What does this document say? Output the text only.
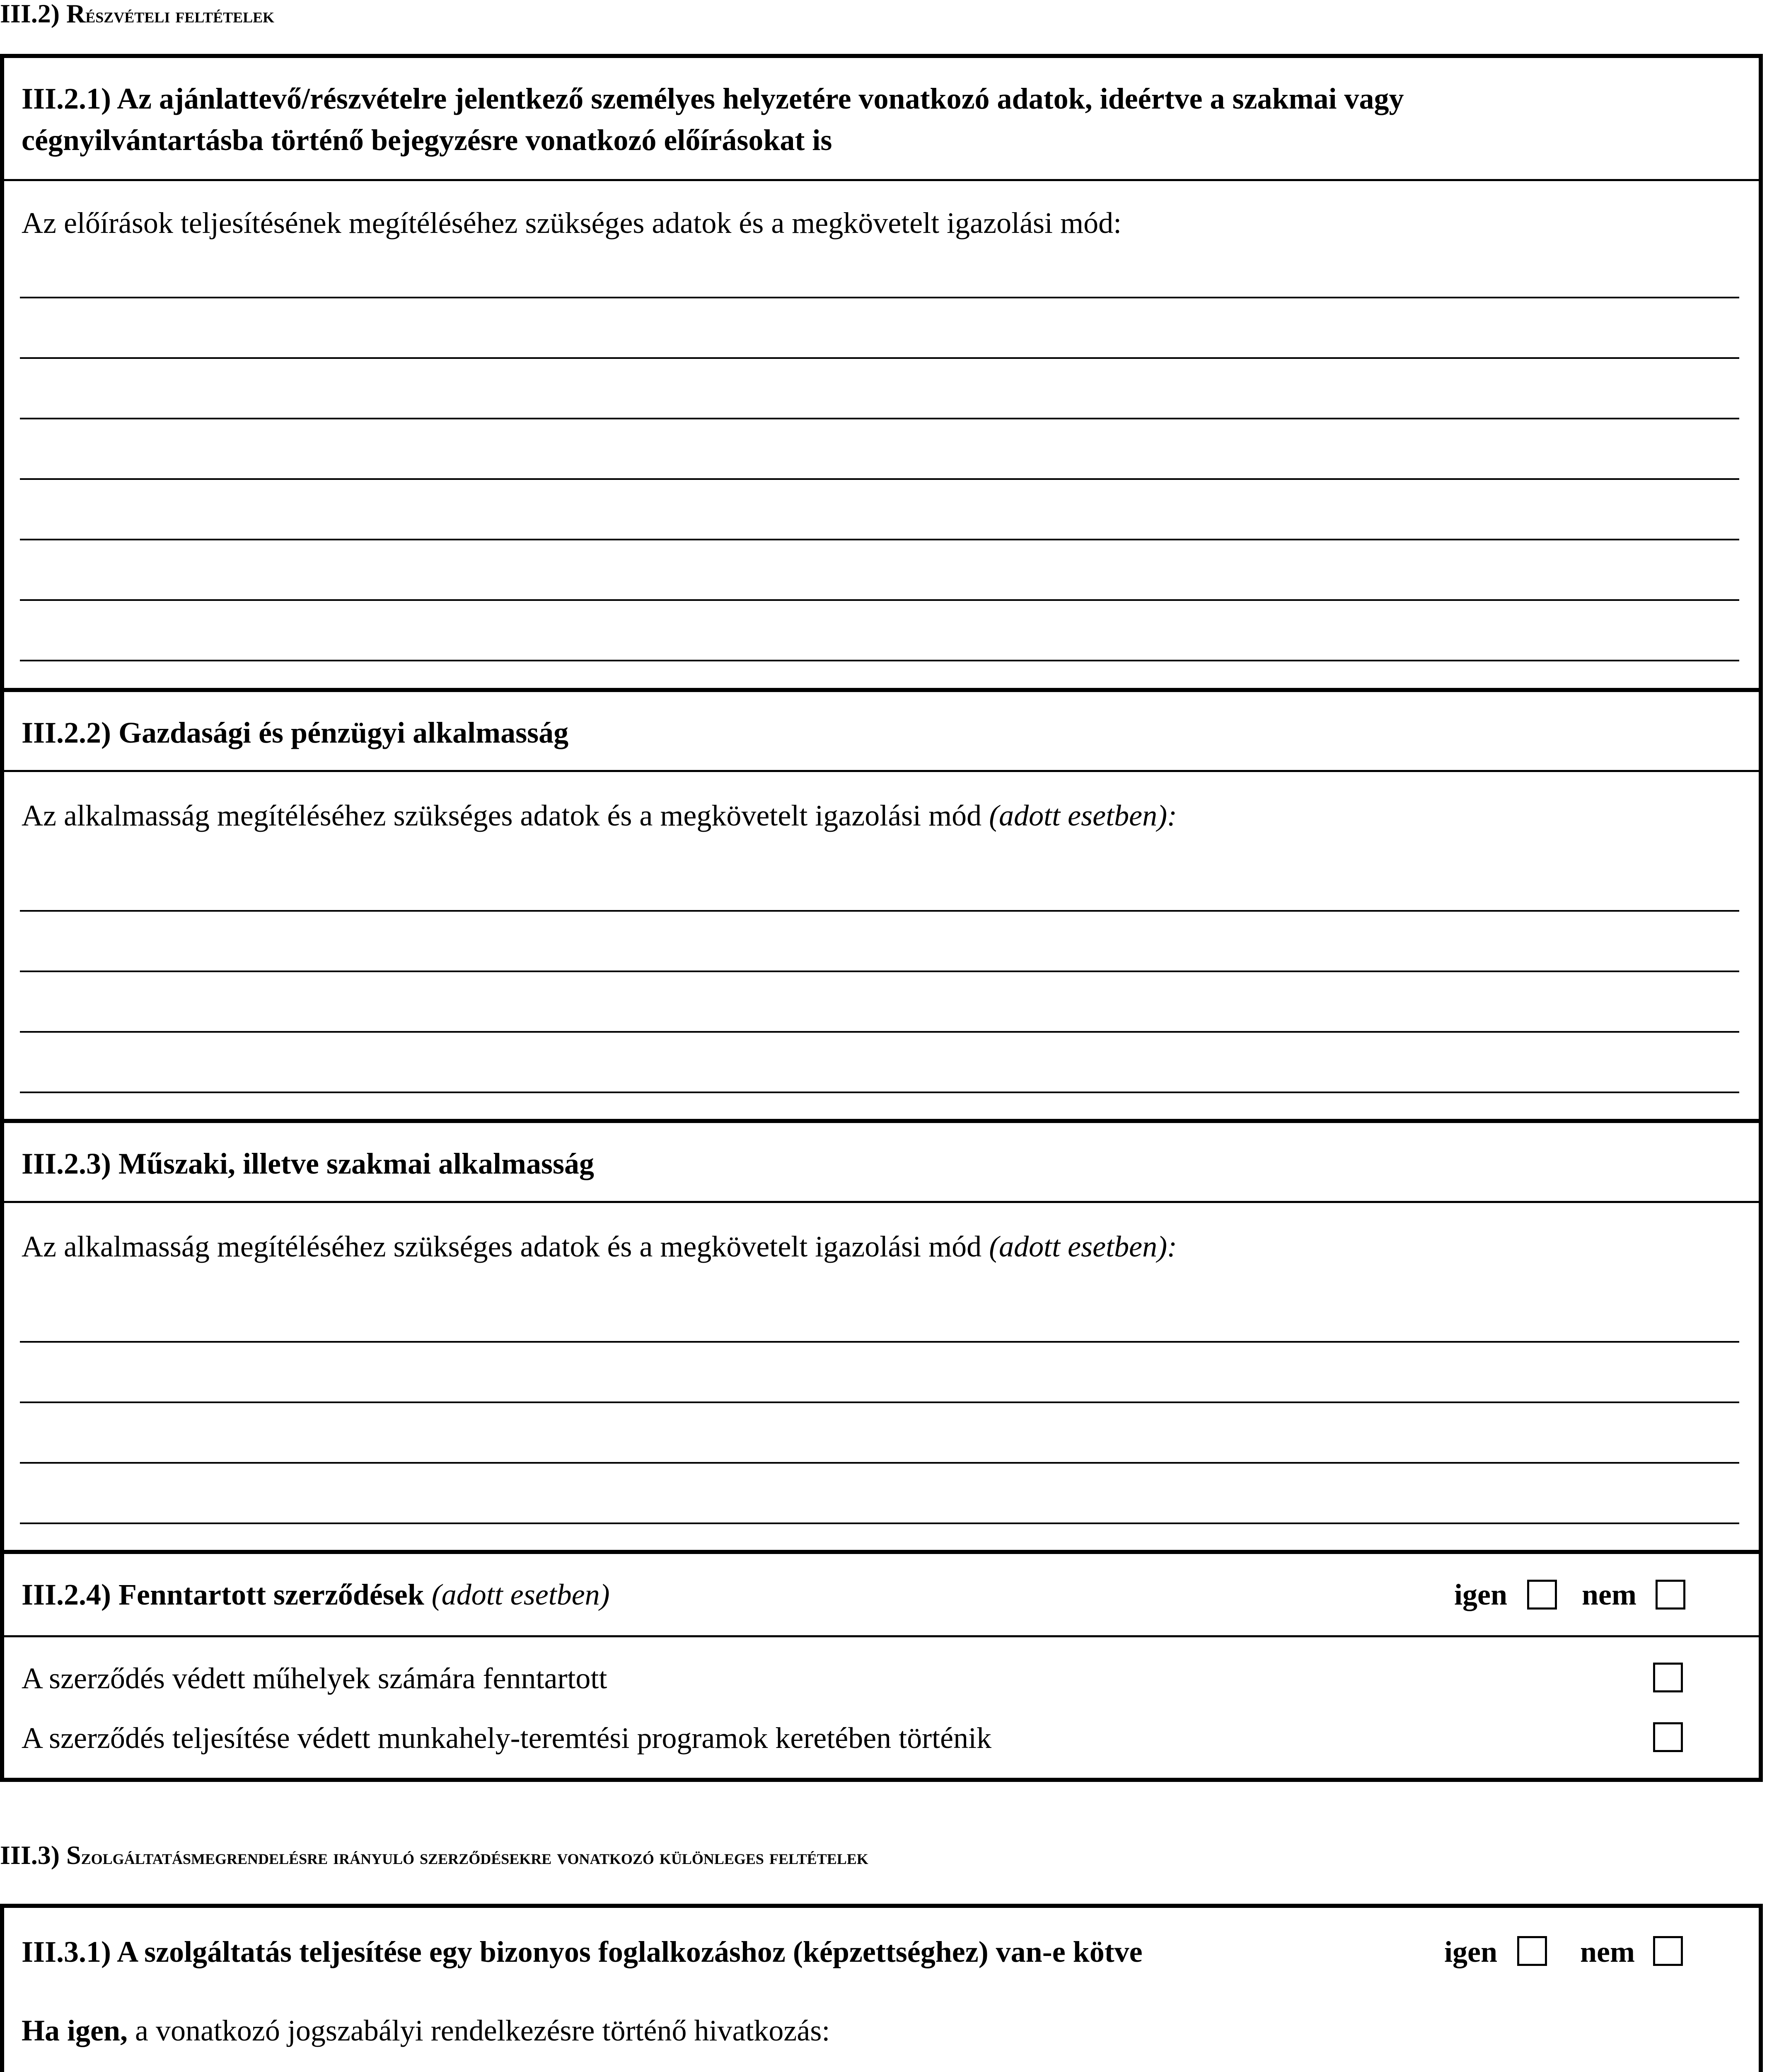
III.2) Részvételi feltételek
III.2.1) Az ajánlattevő/részvételre jelentkező személyes helyzetére vonatkozó adatok, ideértve a szakmai vagy
cégnyilvántartásba történő bejegyzésre vonatkozó előírásokat is
Az előírások teljesítésének megítéléséhez szükséges adatok és a megkövetelt igazolási mód:
III.2.2) Gazdasági és pénzügyi alkalmasság
Az alkalmasság megítéléséhez szükséges adatok és a megkövetelt igazolási mód (adott esetben):
III.2.3) Műszaki, illetve szakmai alkalmasság
Az alkalmasság megítéléséhez szükséges adatok és a megkövetelt igazolási mód (adott esetben):
III.2.4) Fenntartott szerződések (adott esetben)	igen nem
A szerződés védett műhelyek számára fenntartott
A szerződés teljesítése védett munkahely-teremtési programok keretében történik
III.3) Szolgáltatásmegrendelésre irányuló szerződésekre vonatkozó különleges feltételek
III.3.1) A szolgáltatás teljesítése egy bizonyos foglalkozáshoz (képzettséghez) van-e kötve	igen	nem
Ha igen, a vonatkozó jogszabályi rendelkezésre történő hivatkozás:
